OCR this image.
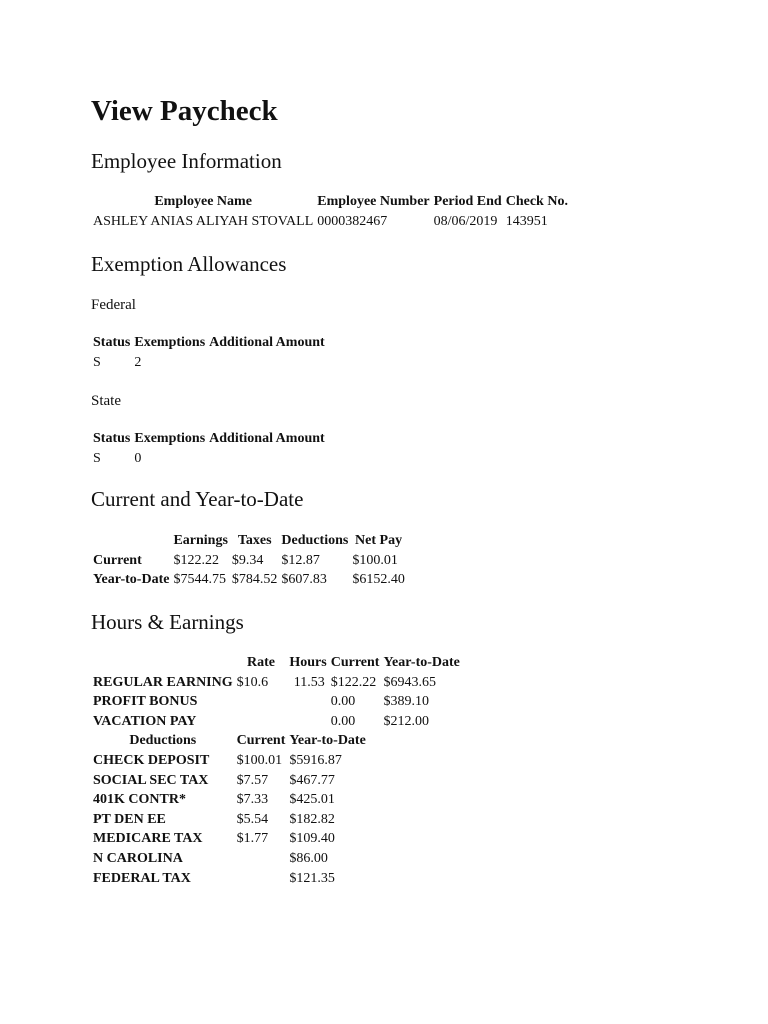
View Paycheck
Employee Information
Employee Name	Employee Number	Period End	Check No.
ASHLEY ANIAS ALIYAH STOVALL	0000382467	08/06/2019	143951
Exemption Allowances

Federal

Status	Exemptions	Additional Amount
S	2	

State

Status	Exemptions	Additional Amount
S	0	
Current and Year-to-Date
	Earnings	Taxes	Deductions	Net Pay
Current	$122.22	$9.34	$12.87	$100.01
Year-to-Date	$7544.75	$784.52	$607.83	$6152.40
Hours & Earnings
	Rate	Hours	Current	Year-to-Date
REGULAR EARNING	$10.6	11.53	$122.22	$6943.65
PROFIT BONUS			0.00	$389.10
VACATION PAY			0.00	$212.00
Deductions	Current	Year-to-Date		
CHECK DEPOSIT	$100.01	$5916.87		
SOCIAL SEC TAX	$7.57	$467.77		
401K CONTR*	$7.33	$425.01		
PT DEN EE	$5.54	$182.82		
MEDICARE TAX	$1.77	$109.40		
N CAROLINA		$86.00		
FEDERAL TAX		$121.35		
